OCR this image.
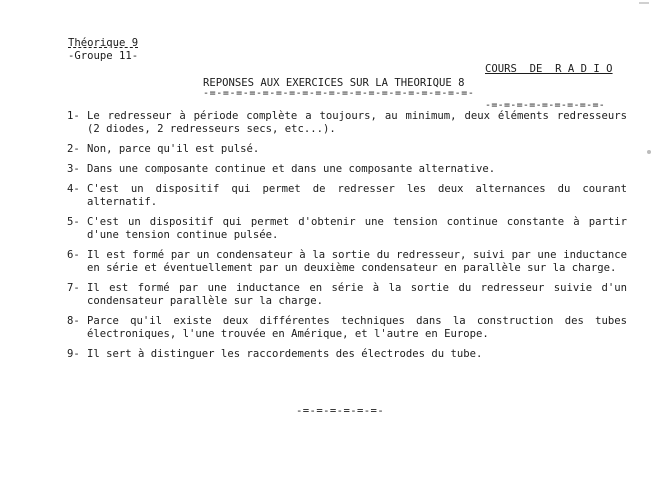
Théorique 9
-Groupe 11-

COURS  DE  R A D I O

-=-=-=-=-=-=-=-=-=-

REPONSES AUX EXERCICES SUR LA THEORIQUE 8
-=-=-=-=-=-=-=-=-=-=-=-=-=-=-=-=-=-=-=-=-
1- Le redresseur à période complète a toujours, au minimum, deux éléments redresseurs (2 diodes, 2 redresseurs secs, etc...).
2- Non, parce qu'il est pulsé.
3- Dans une composante continue et dans une composante alternative.
4- C'est un dispositif qui permet de redresser les deux alternances du courant alternatif.
5- C'est un dispositif qui permet d'obtenir une tension continue constante à partir d'une tension continue pulsée.
6- Il est formé par un condensateur à la sortie du redresseur, suivi par une inductance en série et éventuellement par un deuxième condensateur en parallèle sur la charge.
7- Il est formé par une inductance en série à la sortie du redresseur suivie d'un condensateur parallèle sur la charge.
8- Parce qu'il existe deux différentes techniques dans la construction des tubes électroniques, l'une trouvée en Amérique, et l'autre en Europe.
9- Il sert à distinguer les raccordements des électrodes du tube.
-=-=-=-=-=-=-
